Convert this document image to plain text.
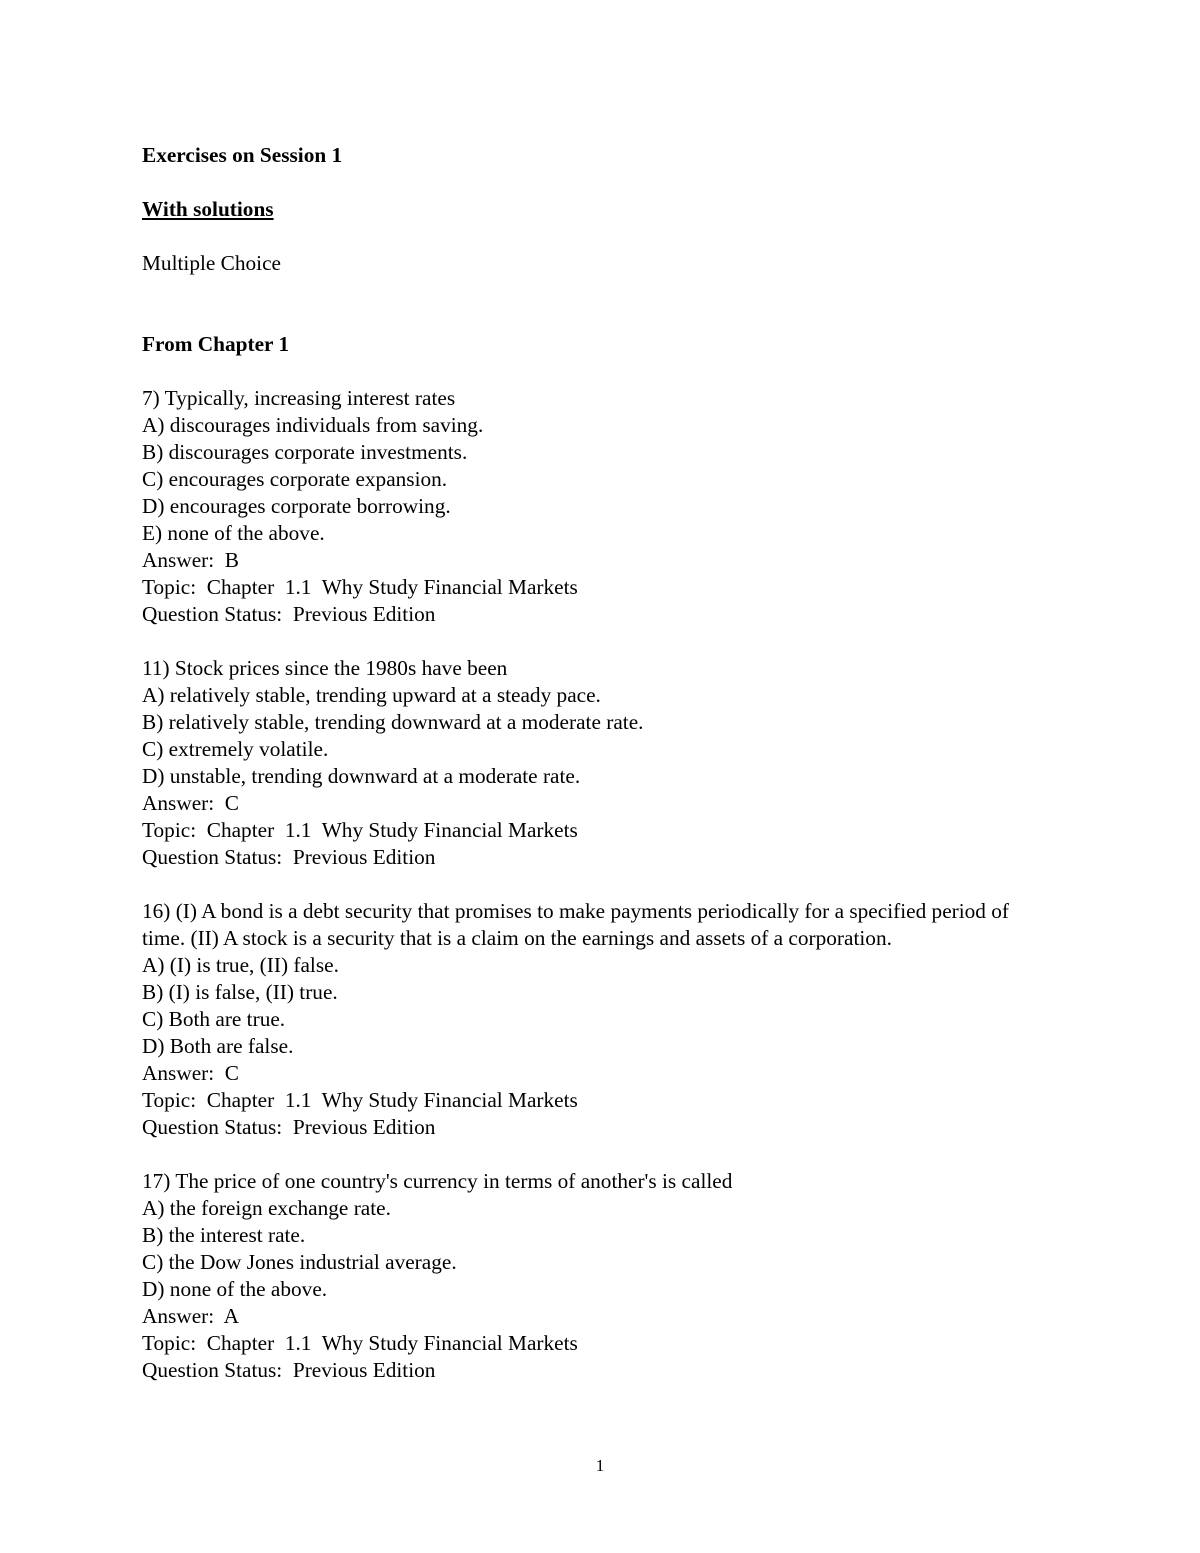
Exercises on Session 1
With solutions
Multiple Choice
From Chapter 1
7) Typically, increasing interest rates
A) discourages individuals from saving.
B) discourages corporate investments.
C) encourages corporate expansion.
D) encourages corporate borrowing.
E) none of the above.
Answer:  B
Topic:  Chapter  1.1  Why Study Financial Markets
Question Status:  Previous Edition
11) Stock prices since the 1980s have been
A) relatively stable, trending upward at a steady pace.
B) relatively stable, trending downward at a moderate rate.
C) extremely volatile.
D) unstable, trending downward at a moderate rate.
Answer:  C
Topic:  Chapter  1.1  Why Study Financial Markets
Question Status:  Previous Edition
16) (I) A bond is a debt security that promises to make payments periodically for a specified period of time. (II) A stock is a security that is a claim on the earnings and assets of a corporation.
A) (I) is true, (II) false.
B) (I) is false, (II) true.
C) Both are true.
D) Both are false.
Answer:  C
Topic:  Chapter  1.1  Why Study Financial Markets
Question Status:  Previous Edition
17) The price of one country's currency in terms of another's is called
A) the foreign exchange rate.
B) the interest rate.
C) the Dow Jones industrial average.
D) none of the above.
Answer:  A
Topic:  Chapter  1.1  Why Study Financial Markets
Question Status:  Previous Edition
1
